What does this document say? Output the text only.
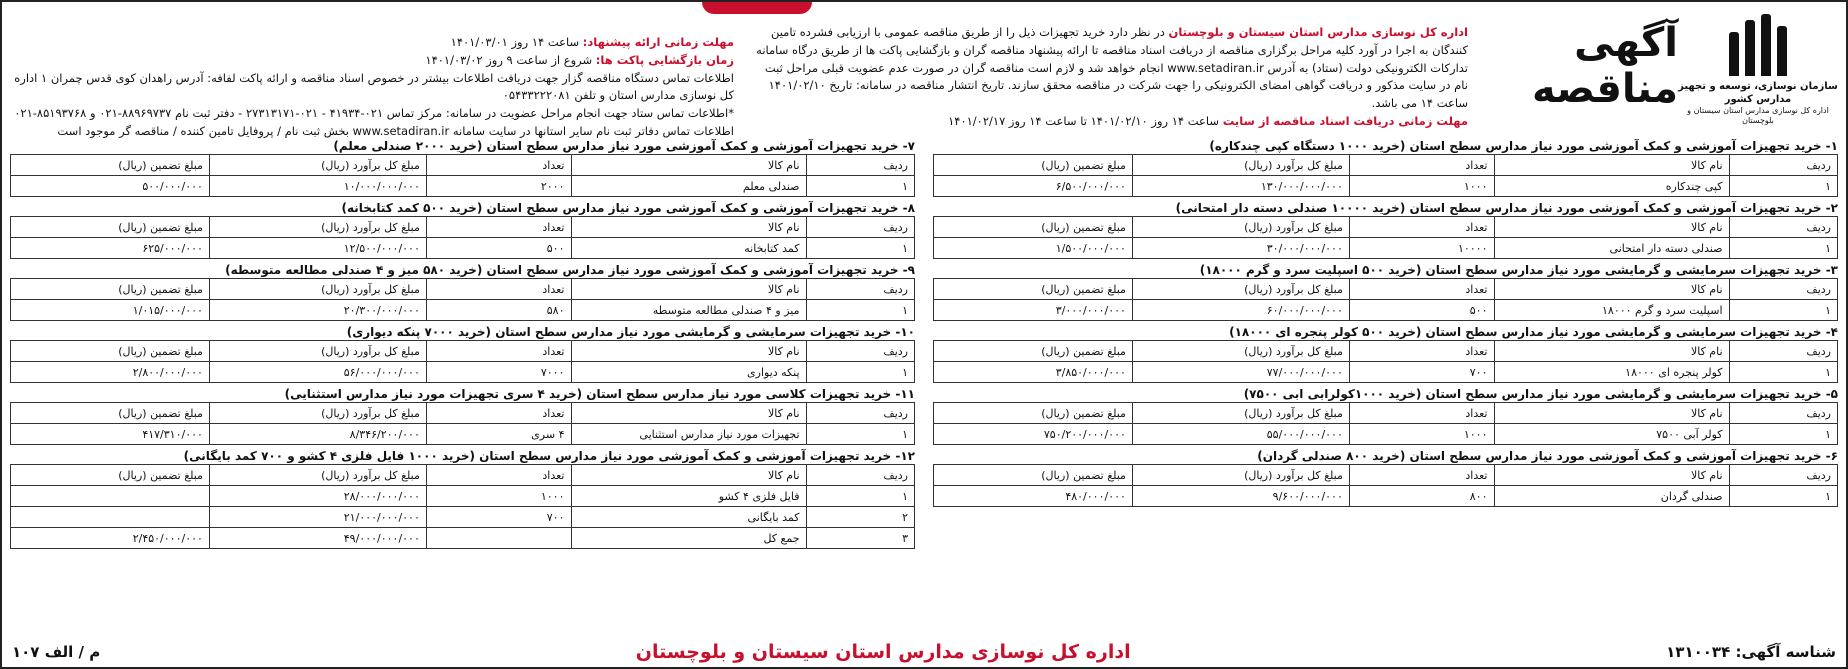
سازمان نوسازی، توسعه و تجهیز مدارس کشور
اداره کل نوسازی مدارس استان سیستان و بلوچستان
آگهی مناقصه
اداره کل نوسازی مدارس استان سیستان و بلوچستان در نظر دارد خرید تجهیزات ذیل را از طریق مناقصه عمومی با ارزیابی فشرده تامین کنندگان به اجرا در آورد کلیه مراحل برگزاری مناقصه از دریافت اسناد مناقصه تا ارائه پیشنهاد مناقصه گران و بازگشایی پاکت ها از طریق درگاه سامانه تدارکات الکترونیکی دولت (ستاد) به آدرس www.setadiran.ir انجام خواهد شد و لازم است مناقصه گران در صورت عدم عضویت قبلی مراحل ثبت نام در سایت مذکور و دریافت گواهی امضای الکترونیکی را جهت شرکت در مناقصه محقق سازند. تاریخ انتشار مناقصه در سامانه: تاریخ ۱۴۰۱/۰۲/۱۰ ساعت ۱۴ می باشد.
مهلت زمانی دریافت اسناد مناقصه از سایت ساعت ۱۴ روز ۱۴۰۱/۰۲/۱۰ تا ساعت ۱۴ روز ۱۴۰۱/۰۲/۱۷
مهلت زمانی ارائه پیشنهاد: ساعت ۱۴ روز ۱۴۰۱/۰۳/۰۱
زمان بازگشایی پاکت ها: شروع از ساعت ۹ روز ۱۴۰۱/۰۳/۰۲
اطلاعات تماس دستگاه مناقصه گزار جهت دریافت اطلاعات بیشتر در خصوص اسناد مناقصه و ارائه پاکت لفافه: آدرس راهدان کوی قدس چمران ۱ اداره کل نوسازی مدارس استان و تلفن ۰۵۴۳۳۲۲۲۰۸۱
*اطلاعات تماس ستاد جهت انجام مراحل عضویت در سامانه: مرکز تماس ۰۲۱-۴۱۹۳۴ - ۰۲۱-۲۷۳۱۳۱۷۱ - دفتر ثبت نام ۸۸۹۶۹۷۳۷-۰۲۱ و ۸۵۱۹۳۷۶۸-۰۲۱
اطلاعات تماس دفاتر ثبت نام سایر استانها در سایت سامانه www.setadiran.ir بخش ثبت نام / پروفایل تامین کننده / مناقصه گر موجود است
۱- خرید تجهیزات آموزشی و کمک آموزشی مورد نیاز مدارس سطح استان (خرید ۱۰۰۰ دستگاه کپی چندکاره)
ردیف	نام کالا	تعداد	مبلغ کل برآورد (ریال)	مبلغ تضمین (ریال)
۱	کپی چندکاره	۱۰۰۰	۱۳۰/۰۰۰/۰۰۰/۰۰۰	۶/۵۰۰/۰۰۰/۰۰۰
۲- خرید تجهیزات آموزشی و کمک آموزشی مورد نیاز مدارس سطح استان (خرید ۱۰۰۰۰ صندلی دسته دار امتحانی)
ردیف	نام کالا	تعداد	مبلغ کل برآورد (ریال)	مبلغ تضمین (ریال)
۱	صندلی دسته دار امتحانی	۱۰۰۰۰	۳۰/۰۰۰/۰۰۰/۰۰۰	۱/۵۰۰/۰۰۰/۰۰۰
۳- خرید تجهیزات سرمایشی و گرمایشی مورد نیاز مدارس سطح استان (خرید ۵۰۰ اسپلیت سرد و گرم ۱۸۰۰۰)
ردیف	نام کالا	تعداد	مبلغ کل برآورد (ریال)	مبلغ تضمین (ریال)
۱	اسپلیت سرد و گرم ۱۸۰۰۰	۵۰۰	۶۰/۰۰۰/۰۰۰/۰۰۰	۳/۰۰۰/۰۰۰/۰۰۰
۴- خرید تجهیزات سرمایشی و گرمایشی مورد نیاز مدارس سطح استان (خرید ۵۰۰ کولر پنجره ای ۱۸۰۰۰)
ردیف	نام کالا	تعداد	مبلغ کل برآورد (ریال)	مبلغ تضمین (ریال)
۱	کولر پنجره ای ۱۸۰۰۰	۷۰۰	۷۷/۰۰۰/۰۰۰/۰۰۰	۳/۸۵۰/۰۰۰/۰۰۰
۵- خرید تجهیزات سرمایشی و گرمایشی مورد نیاز مدارس سطح استان (خرید ۱۰۰۰کولرابی ابی ۷۵۰۰)
ردیف	نام کالا	تعداد	مبلغ کل برآورد (ریال)	مبلغ تضمین (ریال)
۱	کولر آبی ۷۵۰۰	۱۰۰۰	۵۵/۰۰۰/۰۰۰/۰۰۰	۷۵۰/۲۰۰/۰۰۰/۰۰۰
۶- خرید تجهیزات آموزشی و کمک آموزشی مورد نیاز مدارس سطح استان (خرید ۸۰۰ صندلی گردان)
ردیف	نام کالا	تعداد	مبلغ کل برآورد (ریال)	مبلغ تضمین (ریال)
۱	صندلی گردان	۸۰۰	۹/۶۰۰/۰۰۰/۰۰۰	۴۸۰/۰۰۰/۰۰۰
۷- خرید تجهیزات آموزشی و کمک آموزشی مورد نیاز مدارس سطح استان (خرید ۲۰۰۰ صندلی معلم)
ردیف	نام کالا	تعداد	مبلغ کل برآورد (ریال)	مبلغ تضمین (ریال)
۱	صندلی معلم	۲۰۰۰	۱۰/۰۰۰/۰۰۰/۰۰۰	۵۰۰/۰۰۰/۰۰۰
۸- خرید تجهیزات آموزشی و کمک آموزشی مورد نیاز مدارس سطح استان (خرید ۵۰۰ کمد کتابخانه)
ردیف	نام کالا	تعداد	مبلغ کل برآورد (ریال)	مبلغ تضمین (ریال)
۱	کمد کتابخانه	۵۰۰	۱۲/۵۰۰/۰۰۰/۰۰۰	۶۲۵/۰۰۰/۰۰۰
۹- خرید تجهیزات آموزشی و کمک آموزشی مورد نیاز مدارس سطح استان (خرید ۵۸۰ میز و ۴ صندلی مطالعه متوسطه)
ردیف	نام کالا	تعداد	مبلغ کل برآورد (ریال)	مبلغ تضمین (ریال)
۱	میز و ۴ صندلی مطالعه متوسطه	۵۸۰	۲۰/۳۰۰/۰۰۰/۰۰۰	۱/۰۱۵/۰۰۰/۰۰۰
۱۰- خرید تجهیزات سرمایشی و گرمایشی مورد نیاز مدارس سطح استان (خرید ۷۰۰۰ پنکه دیواری)
ردیف	نام کالا	تعداد	مبلغ کل برآورد (ریال)	مبلغ تضمین (ریال)
۱	پنکه دیواری	۷۰۰۰	۵۶/۰۰۰/۰۰۰/۰۰۰	۲/۸۰۰/۰۰۰/۰۰۰
۱۱- خرید تجهیزات کلاسی مورد نیاز مدارس سطح استان (خرید ۴ سری تجهیزات مورد نیاز مدارس استثنایی)
ردیف	نام کالا	تعداد	مبلغ کل برآورد (ریال)	مبلغ تضمین (ریال)
۱	تجهیزات مورد نیاز مدارس استثنایی	۴ سری	۸/۳۴۶/۲۰۰/۰۰۰	۴۱۷/۳۱۰/۰۰۰
۱۲- خرید تجهیزات آموزشی و کمک آموزشی مورد نیاز مدارس سطح استان (خرید ۱۰۰۰ فایل فلزی ۴ کشو و ۷۰۰ کمد بایگانی)
ردیف	نام کالا	تعداد	مبلغ کل برآورد (ریال)	مبلغ تضمین (ریال)
۱	فایل فلزی ۴ کشو	۱۰۰۰	۲۸/۰۰۰/۰۰۰/۰۰۰	
۲	کمد بایگانی	۷۰۰	۲۱/۰۰۰/۰۰۰/۰۰۰	
۳	جمع کل		۴۹/۰۰۰/۰۰۰/۰۰۰	۲/۴۵۰/۰۰۰/۰۰۰
شناسه آگهی: ۱۳۱۰۰۳۴
اداره کل نوسازی مدارس استان سیستان و بلوچستان
م / الف ۱۰۷
